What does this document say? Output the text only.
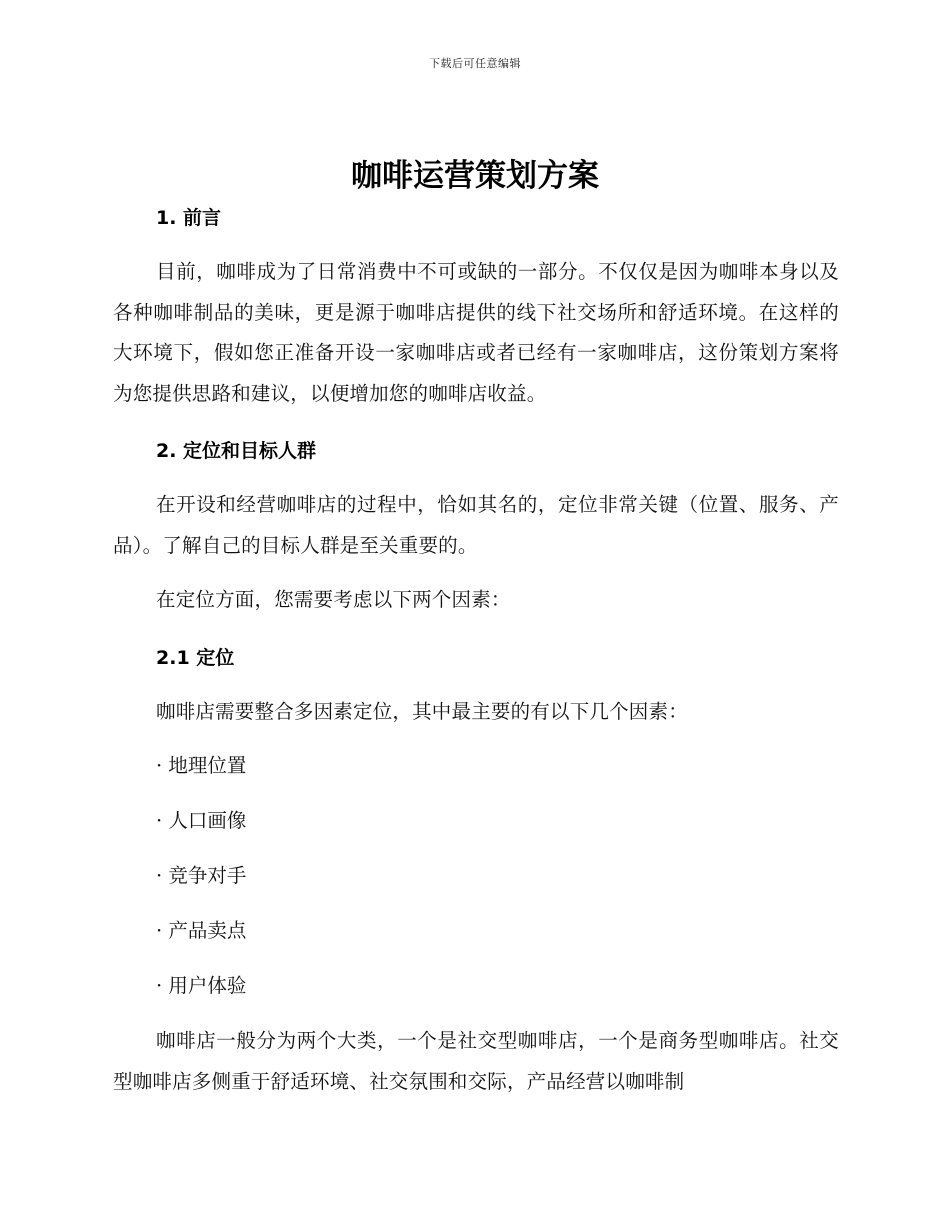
下载后可任意编辑
咖啡运营策划方案

1. 前言

目前，咖啡成为了日常消费中不可或缺的一部分。不仅仅是因为咖啡本身以及各种咖啡制品的美味，更是源于咖啡店提供的线下社交场所和舒适环境。在这样的大环境下，假如您正准备开设一家咖啡店或者已经有一家咖啡店，这份策划方案将为您提供思路和建议，以便增加您的咖啡店收益。

2. 定位和目标人群

在开设和经营咖啡店的过程中，恰如其名的，定位非常关键（位置、服务、产品）。了解自己的目标人群是至关重要的。

在定位方面，您需要考虑以下两个因素：

2.1 定位

咖啡店需要整合多因素定位，其中最主要的有以下几个因素：

· 地理位置

· 人口画像

· 竞争对手

· 产品卖点

· 用户体验

咖啡店一般分为两个大类，一个是社交型咖啡店，一个是商务型咖啡店。社交型咖啡店多侧重于舒适环境、社交氛围和交际，产品经营以咖啡制
